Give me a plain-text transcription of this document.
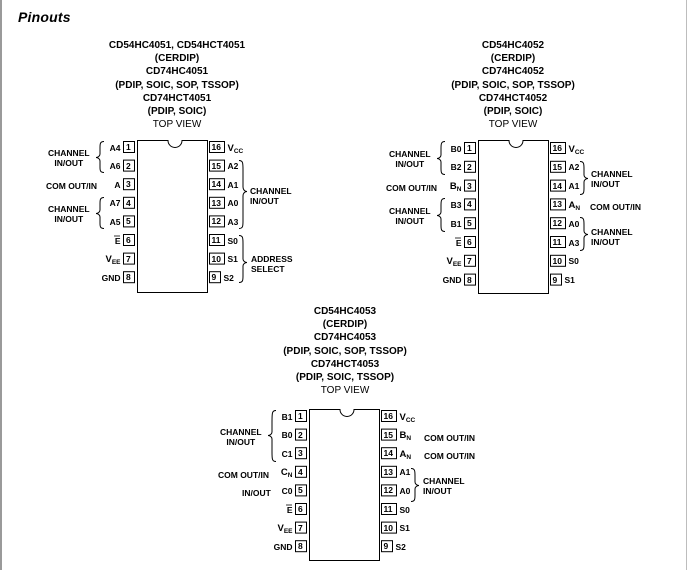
Pinouts
CD54HC4051, CD54HCT4051
(CERDIP)
CD74HC4051
(PDIP, SOIC, SOP, TSSOP)
CD74HCT4051
(PDIP, SOIC)
TOP VIEW
CD54HC4052
(CERDIP)
CD74HC4052
(PDIP, SOIC, SOP, TSSOP)
CD74HCT4052
(PDIP, SOIC)
TOP VIEW
CD54HC4053
(CERDIP)
CD74HC4053
(PDIP, SOIC, SOP, TSSOP)
CD74HCT4053
(PDIP, SOIC, TSSOP)
TOP VIEW
1
A4
2
A6
3
A
4
A7
5
A5
6
E
7
$V_{EE}$
8
GND
16 $V_{CC}$
15 A2
14 A1
13 A0
12 A3
11 S0
10 S1
9 S2
1
B0
2
B2
3
$B_N$
4
B3
5
B1
6
E
7
$V_{EE}$
8
GND
16 $V_{CC}$
15 A2
14 A1
13 $A_N$
12 A0
11 A3
10 S0
9 S1
1
B1
2
B0
3
C1
4
$C_N$
5
C0
6
E
7
$V_{EE}$
8
GND
16 $V_{CC}$
15 $B_N$
14 $A_N$
13 A1
12 A0
11 S0
10 S1
9 S2
CHANNEL
IN/OUT
COM OUT/IN
CHANNEL
IN/OUT
CHANNEL
IN/OUT
ADDRESS
SELECT
CHANNEL
IN/OUT
COM OUT/IN
CHANNEL
IN/OUT
CHANNEL
IN/OUT
COM OUT/IN
CHANNEL
IN/OUT
CHANNEL
IN/OUT
COM OUT/IN
IN/OUT
COM OUT/IN
COM OUT/IN
CHANNEL
IN/OUT
